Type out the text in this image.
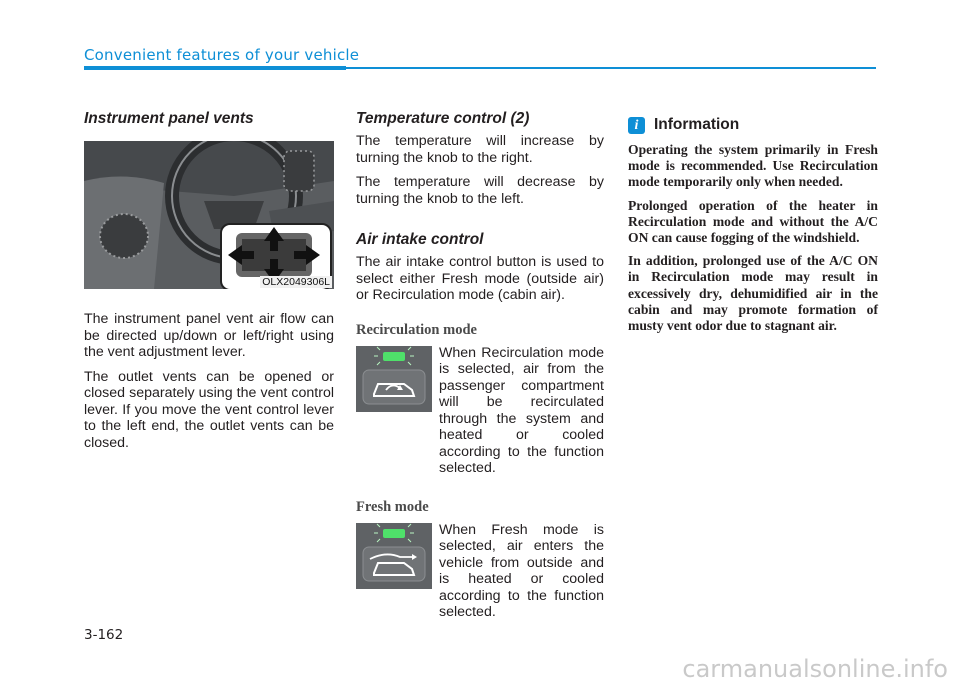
Convenient features of your vehicle
Instrument panel vents
OLX2049306L

The instrument panel vent air flow can be directed up/down or left/right using the vent adjustment lever.

The outlet vents can be opened or closed separately using the vent control lever. If you move the vent control lever to the left end, the outlet vents can be closed.

Temperature control (2)

The temperature will increase by turning the knob to the right.

The temperature will decrease by turning the knob to the left.

Air intake control

The air intake control button is used to select either Fresh mode (outside air) or Recirculation mode (cabin air).

Recirculation mode

When Recirculation mode is selected, air from the passenger compartment will be recirculated through the system and heated or cooled according to the function selected.

Fresh mode

When Fresh mode is selected, air enters the vehicle from outside and is heated or cooled according to the function selected.
i	Information

Operating the system primarily in Fresh mode is recommended. Use Recirculation mode temporarily only when needed.

Prolonged operation of the heater in Recirculation mode and without the A/C ON can cause fogging of the windshield.

In addition, prolonged use of the A/C ON in Recirculation mode may result in excessively dry, dehumidified air in the cabin and may promote formation of musty vent odor due to stagnant air.

3-162
carmanualsonline.info
